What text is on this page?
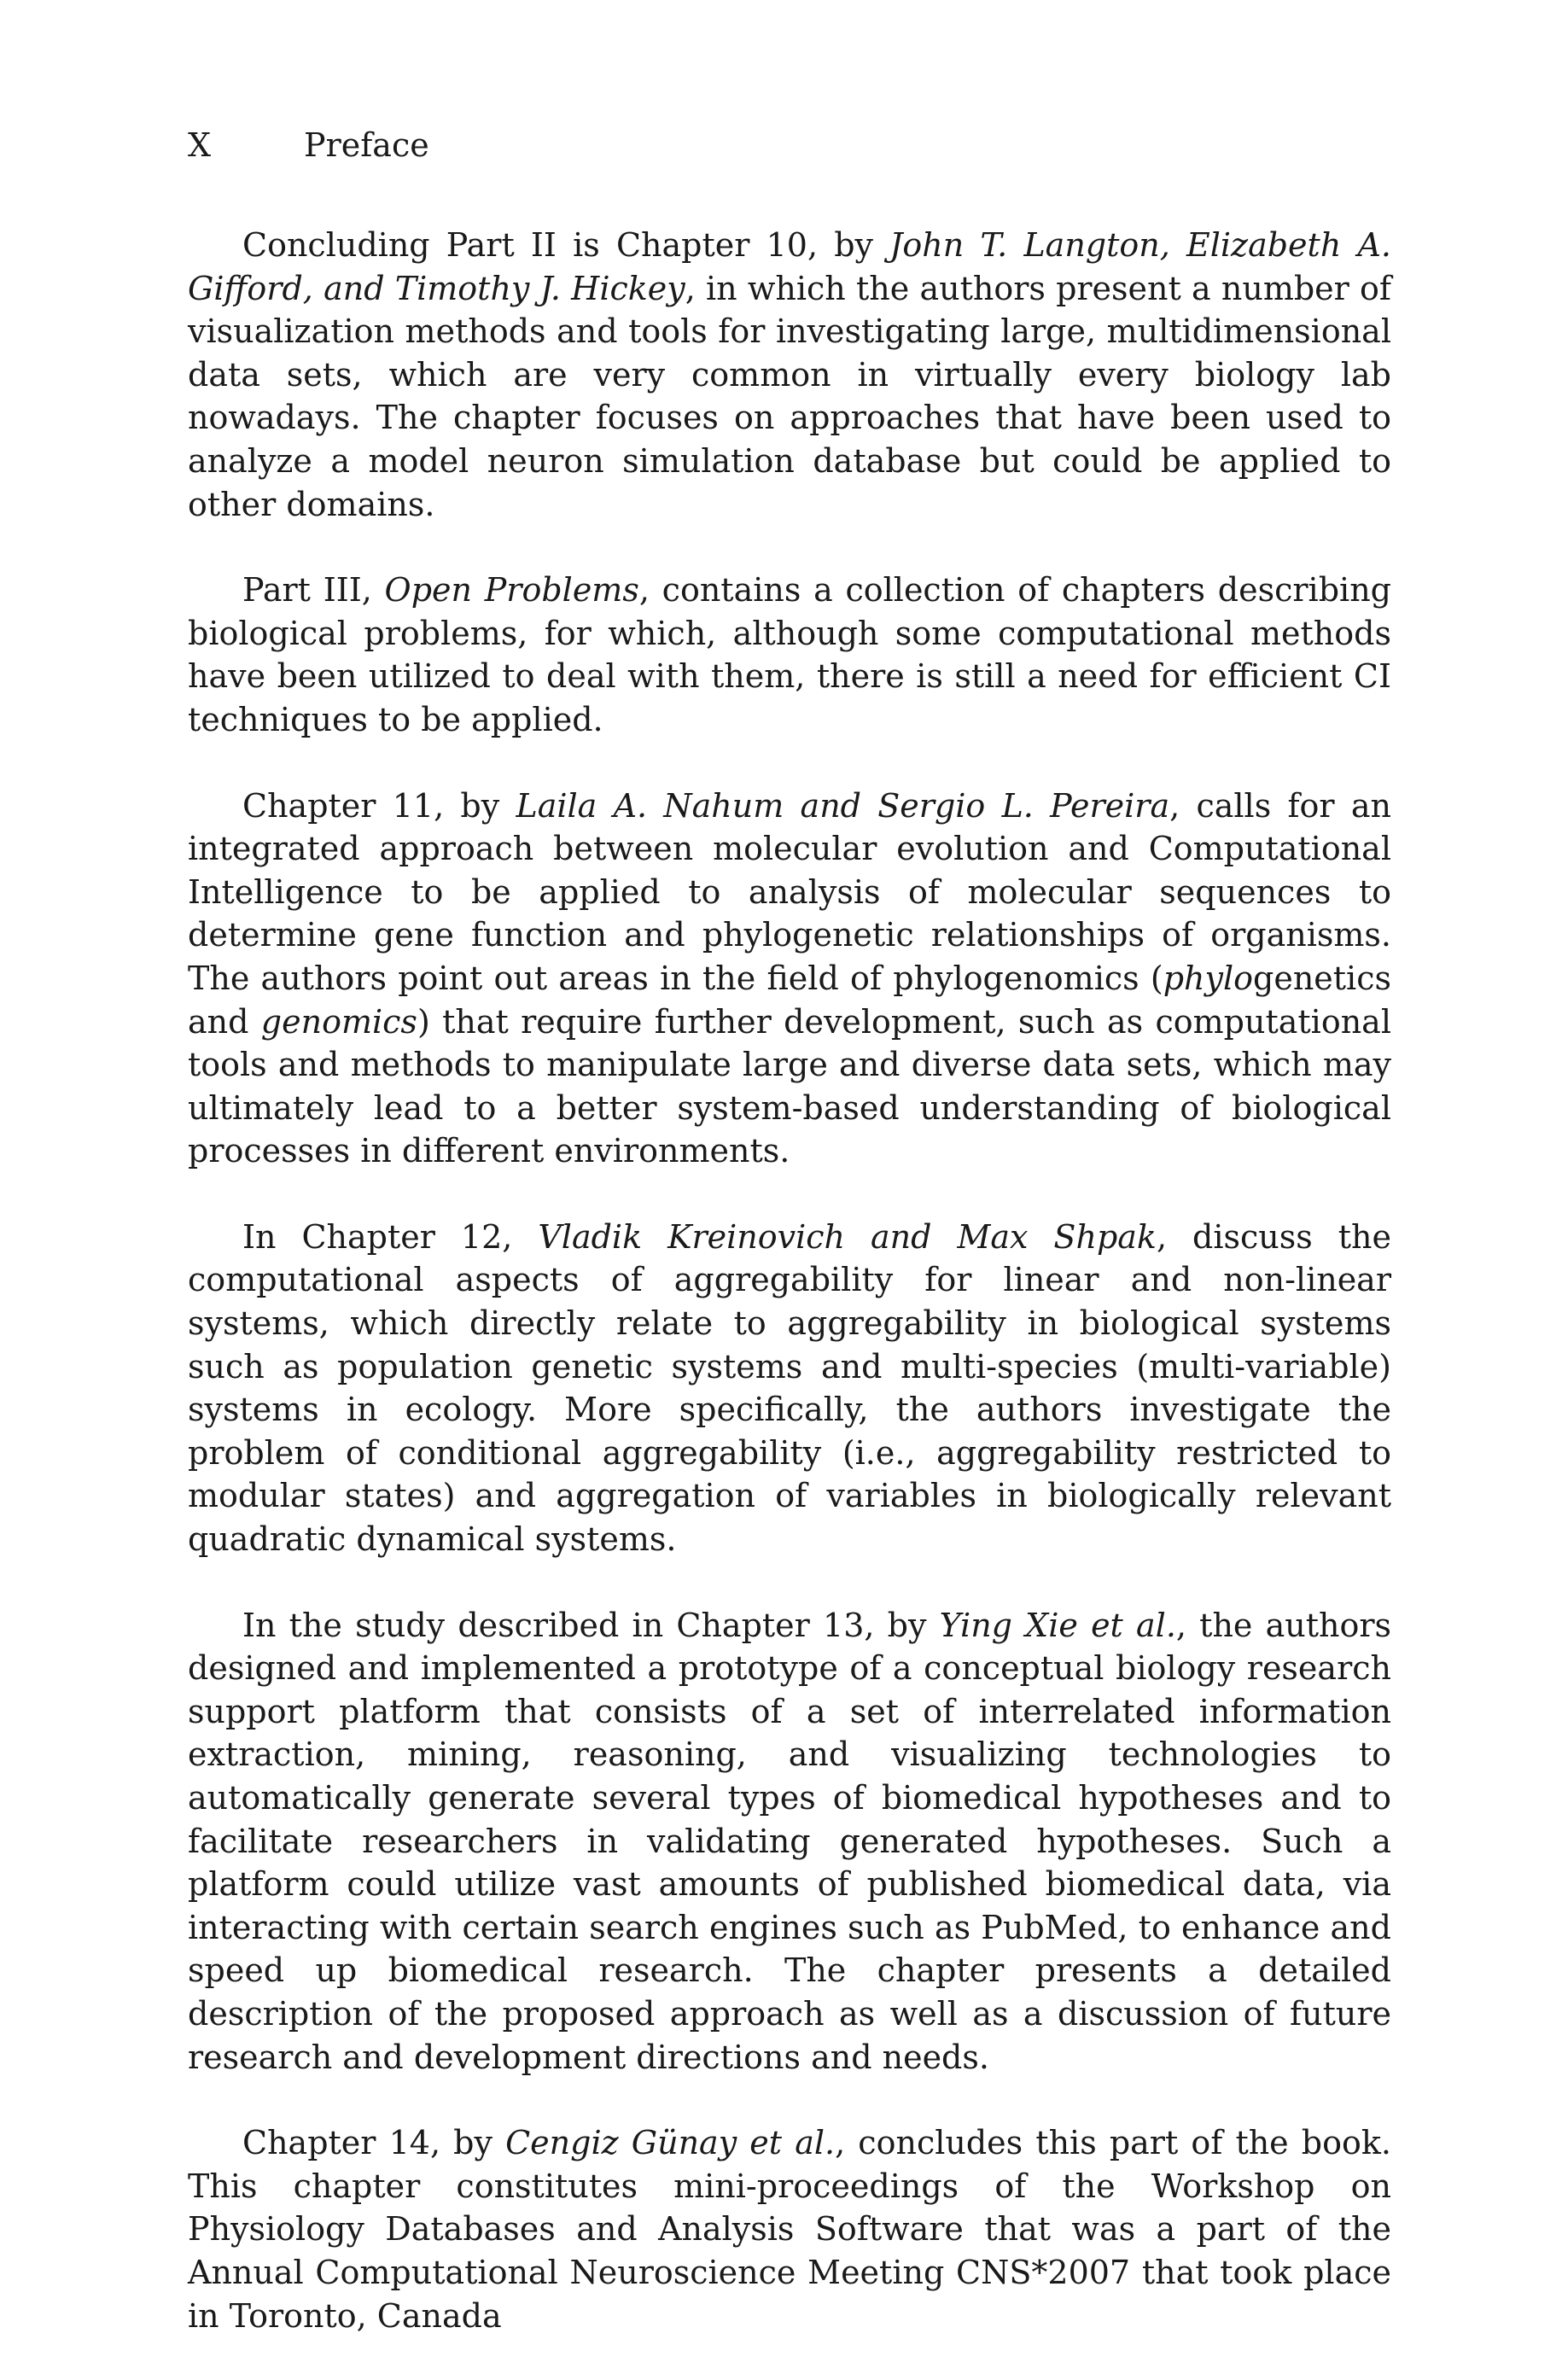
X	Preface

Concluding Part II is Chapter 10, by John T. Langton, Elizabeth A. Gifford, and Timothy J. Hickey, in which the authors present a number of visualization methods and tools for investigating large, multidimensional data sets, which are very common in virtually every biology lab nowadays. The chapter focuses on approaches that have been used to analyze a model neuron simulation database but could be applied to other domains.

Part III, Open Problems, contains a collection of chapters describing biological problems, for which, although some computational methods have been utilized to deal with them, there is still a need for efficient CI techniques to be applied.

Chapter 11, by Laila A. Nahum and Sergio L. Pereira, calls for an integrated approach between molecular evolution and Computational Intelligence to be applied to analysis of molecular sequences to determine gene function and phylogenetic relationships of organisms. The authors point out areas in the field of phylogenomics (phylogenetics and genomics) that require further development, such as computational tools and methods to manipulate large and diverse data sets, which may ultimately lead to a better system-based understanding of biological processes in different environments.

In Chapter 12, Vladik Kreinovich and Max Shpak, discuss the computational aspects of aggregability for linear and non-linear systems, which directly relate to aggregability in biological systems such as population genetic systems and multi-species (multi-variable) systems in ecology. More specifically, the authors investigate the problem of conditional aggregability (i.e., aggregability restricted to modular states) and aggregation of variables in biologically relevant quadratic dynamical systems.

In the study described in Chapter 13, by Ying Xie et al., the authors designed and implemented a prototype of a conceptual biology research support platform that consists of a set of interrelated information extraction, mining, reasoning, and visualizing technologies to automatically generate several types of biomedical hypotheses and to facilitate researchers in validating generated hypotheses. Such a platform could utilize vast amounts of published biomedical data, via interacting with certain search engines such as PubMed, to enhance and speed up biomedical research. The chapter presents a detailed description of the proposed approach as well as a discussion of future research and development directions and needs.

Chapter 14, by Cengiz Günay et al., concludes this part of the book. This chapter constitutes mini-proceedings of the Workshop on Physiology Databases and Analysis Software that was a part of the Annual Computational Neuroscience Meeting CNS*2007 that took place in Toronto, Canada
